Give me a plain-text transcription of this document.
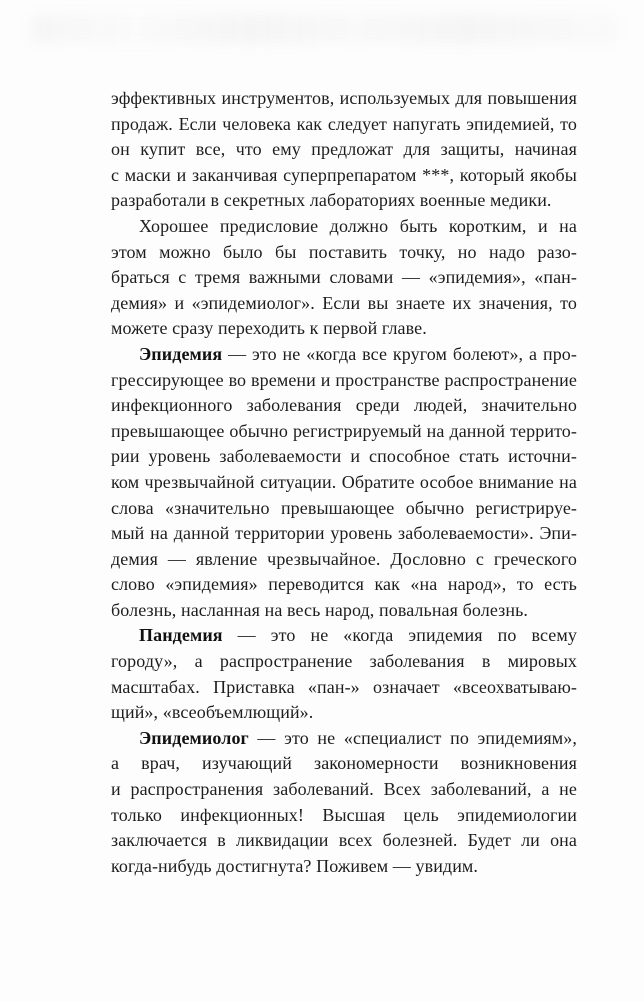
эффективных инструментов, используемых для повышения
продаж. Если человека как следует напугать эпидемией, то
он купит все, что ему предложат для защиты, начиная
с маски и заканчивая суперпрепаратом ***, который якобы
разработали в секретных лабораториях военные медики.
Хорошее предисловие должно быть коротким, и на
этом можно было бы поставить точку, но надо разо-
браться с тремя важными словами — «эпидемия», «пан-
демия» и «эпидемиолог». Если вы знаете их значения, то
можете сразу переходить к первой главе.
Эпидемия — это не «когда все кругом болеют», а про-
грессирующее во времени и пространстве распространение
инфекционного заболевания среди людей, значительно
превышающее обычно регистрируемый на данной террито-
рии уровень заболеваемости и способное стать источни-
ком чрезвычайной ситуации. Обратите особое внимание на
слова «значительно превышающее обычно регистрируе-
мый на данной территории уровень заболеваемости». Эпи-
демия — явление чрезвычайное. Дословно с греческого
слово «эпидемия» переводится как «на народ», то есть
болезнь, насланная на весь народ, повальная болезнь.
Пандемия — это не «когда эпидемия по всему
городу», а распространение заболевания в мировых
масштабах. Приставка «пан-» означает «всеохватываю-
щий», «всеобъемлющий».
Эпидемиолог — это не «специалист по эпидемиям»,
а врач, изучающий закономерности возникновения
и распространения заболеваний. Всех заболеваний, а не
только инфекционных! Высшая цель эпидемиологии
заключается в ликвидации всех болезней. Будет ли она
когда-нибудь достигнута? Поживем — увидим.
